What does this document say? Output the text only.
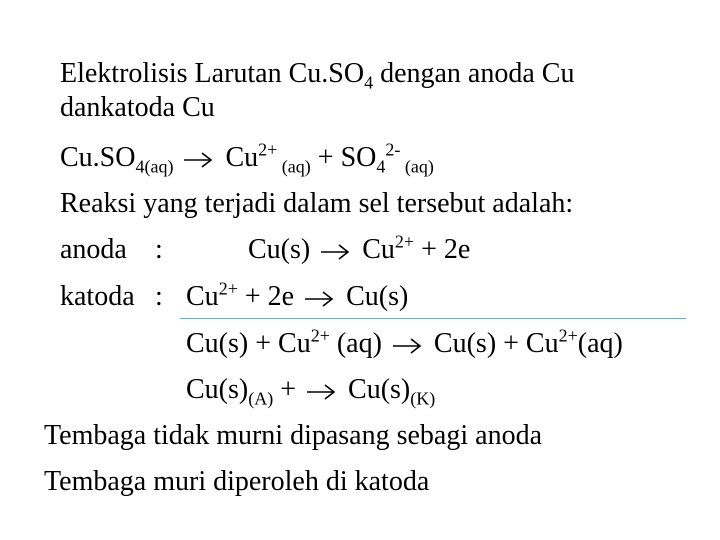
Elektrolisis Larutan $Cu.SO_4$ dengan anoda Cu
dankatoda Cu
$Cu.SO_{4(aq)}$ $Cu^{2+}$ $_{(aq)} + SO_4^{2-}$ $_{(aq)}$
Reaksi yang terjadi dalam sel tersebut adalah:
anoda :	Cu(s) $Cu^{2+} + 2e$
katoda : $Cu^{2+} + 2e$ Cu(s)
$Cu(s) + Cu^{2+}$ (aq) $Cu(s) + Cu^{2+}(aq)$
$Cu(s)_{(A)} + Cu(s)_{(K)}$
Tembaga tidak murni dipasang sebagi anoda
Tembaga muri diperoleh di katoda
